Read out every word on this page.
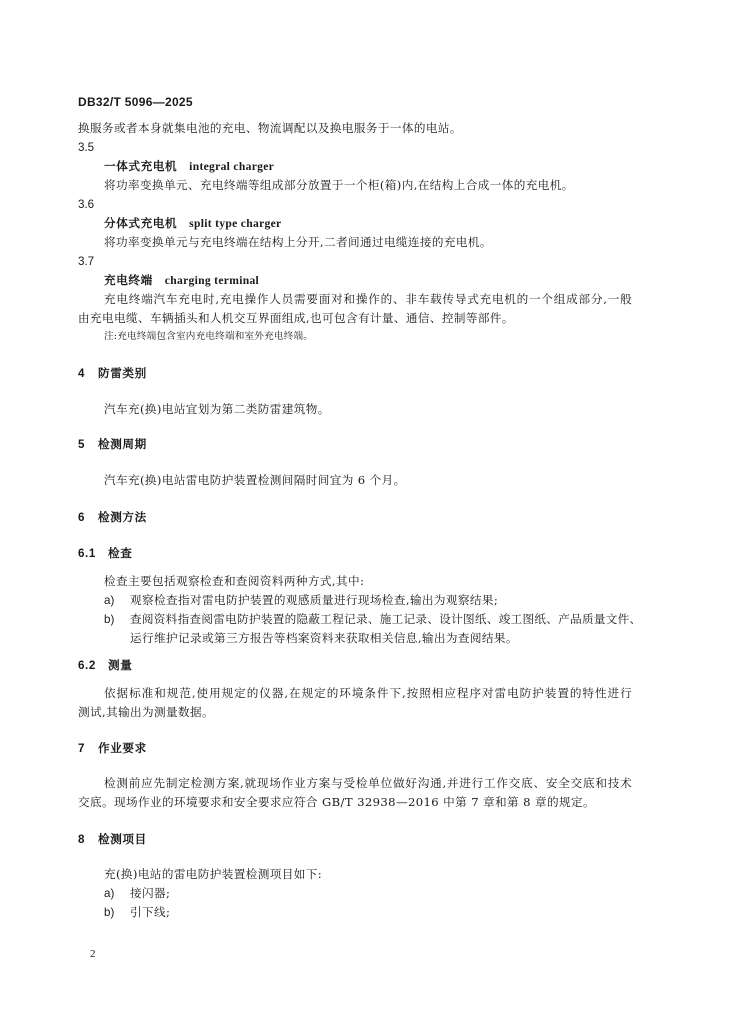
DB32/T 5096—2025
换服务或者本身就集电池的充电、物流调配以及换电服务于一体的电站。
3.5
一体式充电机 integral charger
将功率变换单元、充电终端等组成部分放置于一个柜(箱)内,在结构上合成一体的充电机。
3.6
分体式充电机 split type charger
将功率变换单元与充电终端在结构上分开,二者间通过电缆连接的充电机。
3.7
充电终端 charging terminal
充电终端汽车充电时,充电操作人员需要面对和操作的、非车载传导式充电机的一个组成部分,一般
由充电电缆、车辆插头和人机交互界面组成,也可包含有计量、通信、控制等部件。
注:充电终端包含室内充电终端和室外充电终端。
4 防雷类别
汽车充(换)电站宜划为第二类防雷建筑物。
5 检测周期
汽车充(换)电站雷电防护装置检测间隔时间宜为 6 个月。
6 检测方法
6.1 检查
检查主要包括观察检查和查阅资料两种方式,其中:
a) 观察检查指对雷电防护装置的观感质量进行现场检查,输出为观察结果;
b) 查阅资料指查阅雷电防护装置的隐蔽工程记录、施工记录、设计图纸、竣工图纸、产品质量文件、
运行维护记录或第三方报告等档案资料来获取相关信息,输出为查阅结果。
6.2 测量
依据标准和规范,使用规定的仪器,在规定的环境条件下,按照相应程序对雷电防护装置的特性进行
测试,其输出为测量数据。
7 作业要求
检测前应先制定检测方案,就现场作业方案与受检单位做好沟通,并进行工作交底、安全交底和技术
交底。现场作业的环境要求和安全要求应符合 GB/T 32938—2016 中第 7 章和第 8 章的规定。
8 检测项目
充(换)电站的雷电防护装置检测项目如下:
a) 接闪器;
b) 引下线;
2
